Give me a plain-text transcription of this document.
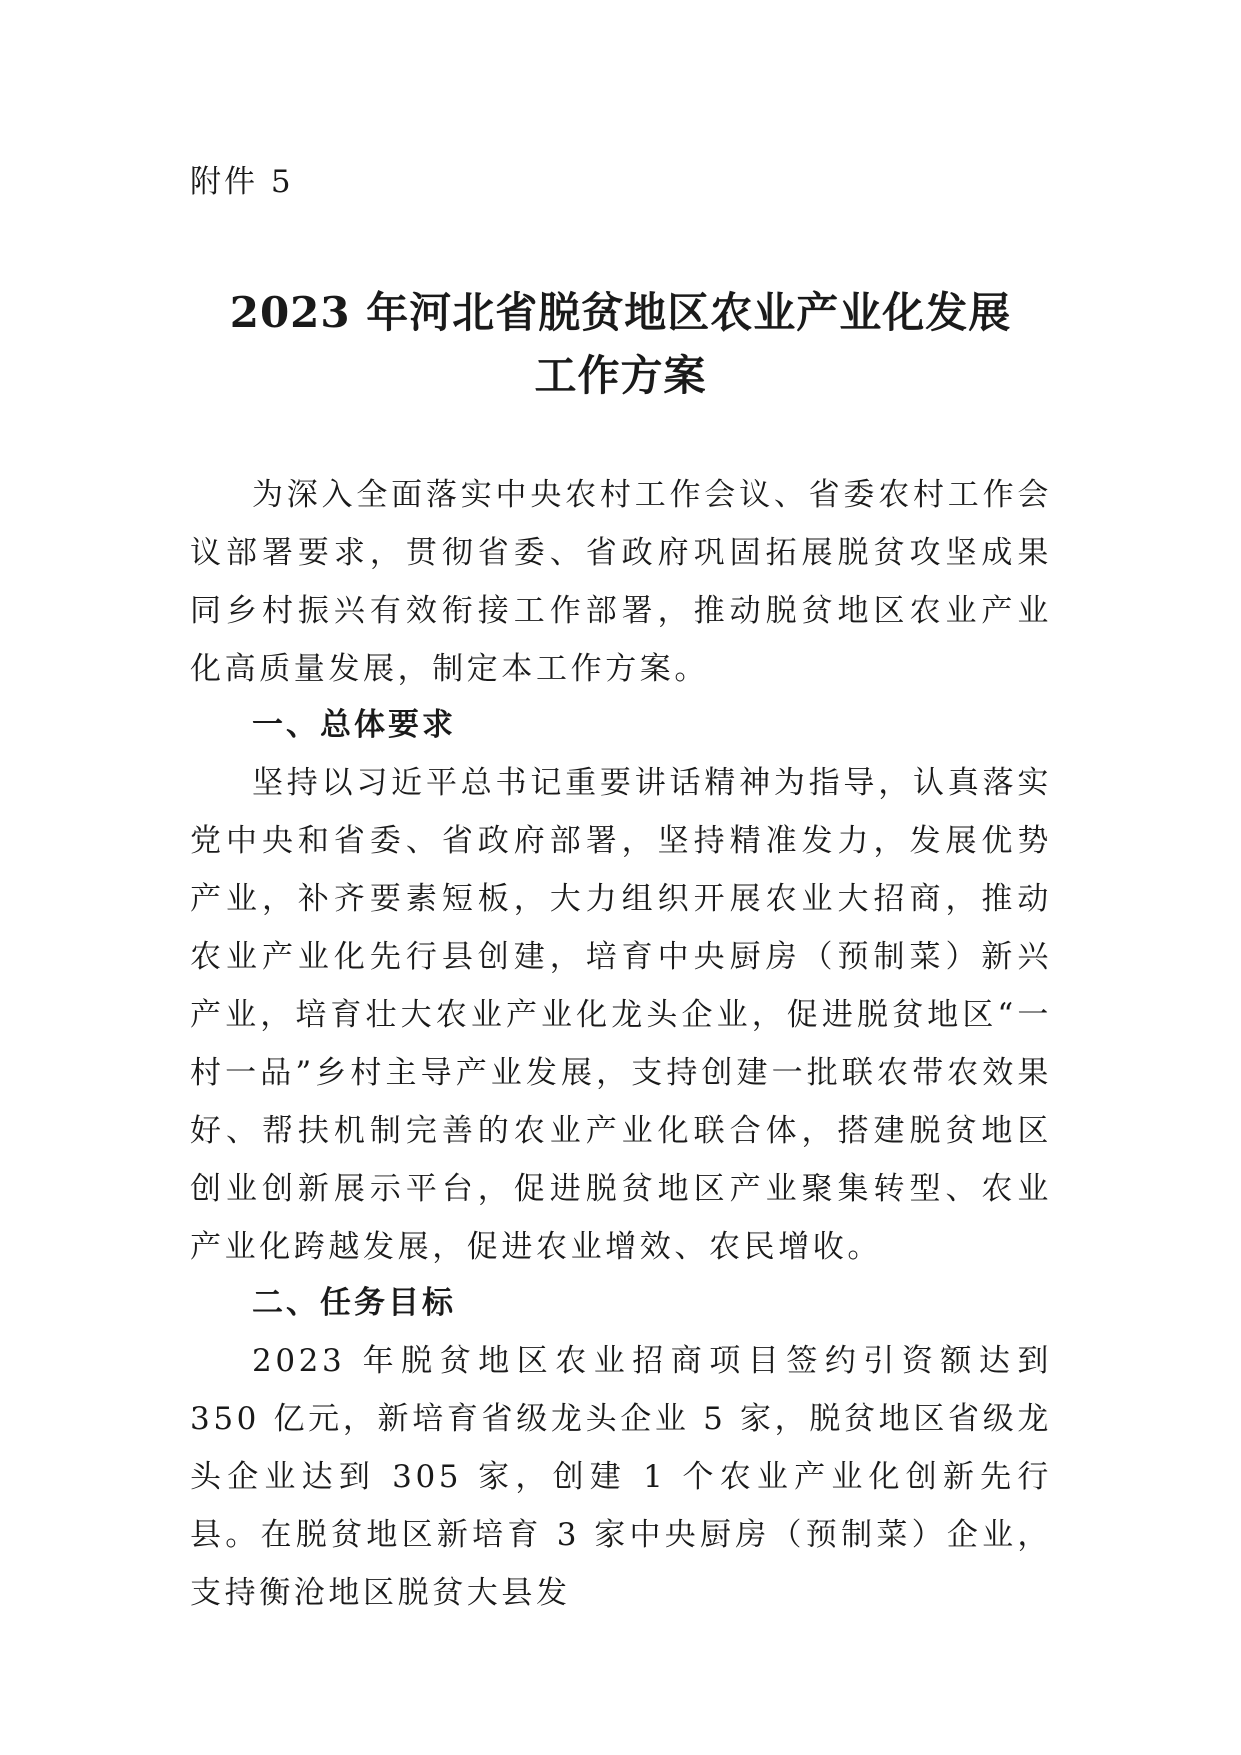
附件 5
2023 年河北省脱贫地区农业产业化发展
工作方案
为深入全面落实中央农村工作会议、省委农村工作会议部署要求，贯彻省委、省政府巩固拓展脱贫攻坚成果同乡村振兴有效衔接工作部署，推动脱贫地区农业产业化高质量发展，制定本工作方案。
一、总体要求
坚持以习近平总书记重要讲话精神为指导，认真落实党中央和省委、省政府部署，坚持精准发力，发展优势产业，补齐要素短板，大力组织开展农业大招商，推动农业产业化先行县创建，培育中央厨房（预制菜）新兴产业，培育壮大农业产业化龙头企业，促进脱贫地区“一村一品”乡村主导产业发展，支持创建一批联农带农效果好、帮扶机制完善的农业产业化联合体，搭建脱贫地区创业创新展示平台，促进脱贫地区产业聚集转型、农业产业化跨越发展，促进农业增效、农民增收。
二、任务目标
2023 年脱贫地区农业招商项目签约引资额达到 350 亿元，新培育省级龙头企业 5 家，脱贫地区省级龙头企业达到 305 家，创建 1 个农业产业化创新先行县。在脱贫地区新培育 3 家中央厨房（预制菜）企业，支持衡沧地区脱贫大县发
